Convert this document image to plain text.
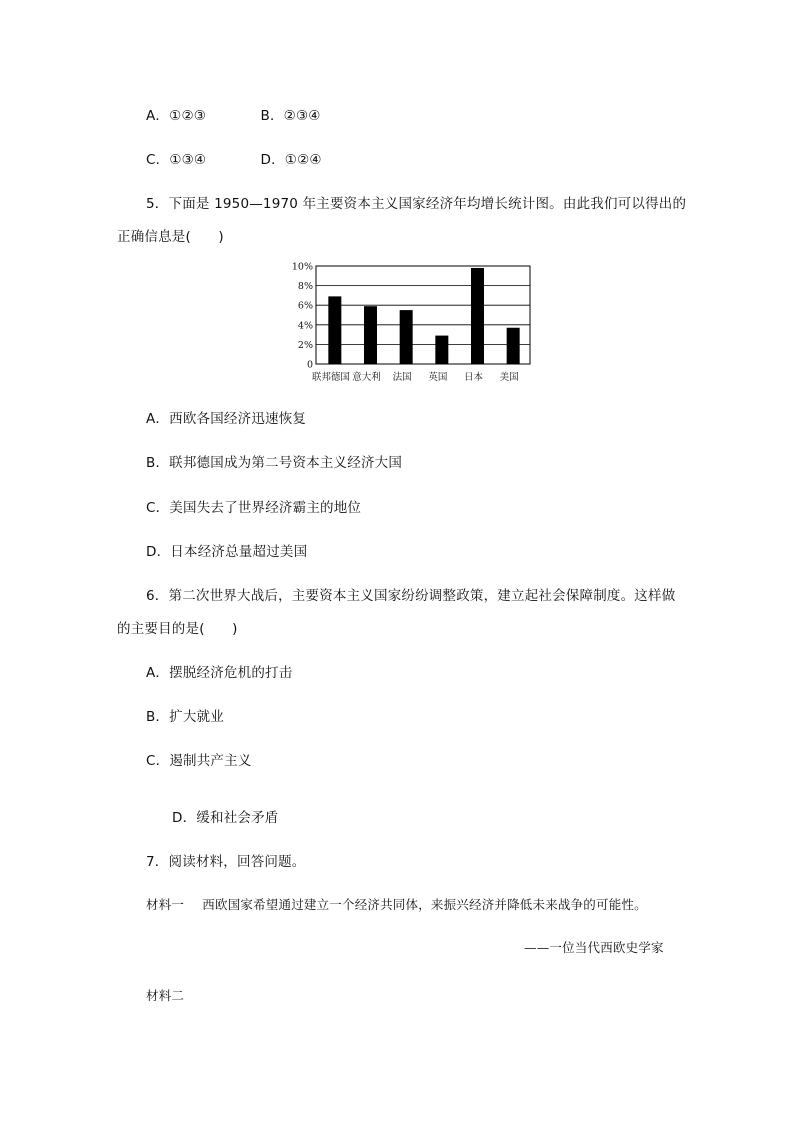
A．①②③	B．②③④
C．①③④	D．①②④
5．下面是 1950—1970 年主要资本主义国家经济年均增长统计图。由此我们可以得出的
正确信息是(　　)
0
2%
4%
6%
8%
10%
联邦德国 意大利 法国 英国 日本 美国
A．西欧各国经济迅速恢复
B．联邦德国成为第二号资本主义经济大国
C．美国失去了世界经济霸主的地位
D．日本经济总量超过美国
6．第二次世界大战后，主要资本主义国家纷纷调整政策，建立起社会保障制度。这样做
的主要目的是(　　)
A．摆脱经济危机的打击
B．扩大就业
C．遏制共产主义
D．缓和社会矛盾
7．阅读材料，回答问题。
材料一 西欧国家希望通过建立一个经济共同体，来振兴经济并降低未来战争的可能性。
——一位当代西欧史学家
材料二
